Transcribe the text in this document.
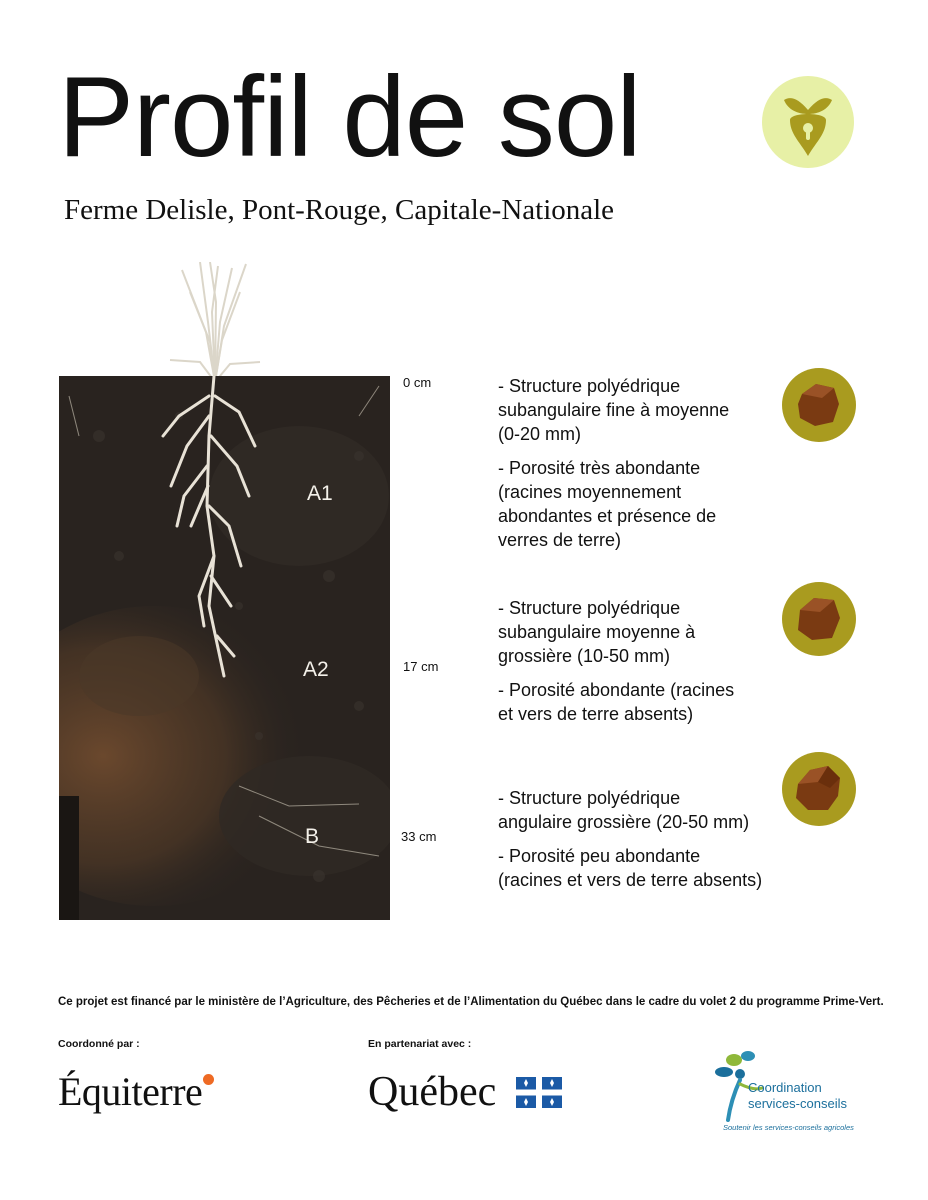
Profil de sol
Ferme Delisle, Pont-Rouge, Capitale-Nationale
A1
A2
B
0 cm
17 cm
33 cm

- Structure polyédrique
subangulaire fine à moyenne
(0-20 mm)

- Porosité très abondante
(racines moyennement
abondantes et présence de
verres de terre)

- Structure polyédrique
subangulaire moyenne à
grossière (10-50 mm)

- Porosité abondante (racines
et vers de terre absents)

- Structure polyédrique
angulaire grossière (20-50 mm)

- Porosité peu abondante
(racines et vers de terre absents)

Ce projet est financé par le ministère de l’Agriculture, des Pêcheries et de l’Alimentation du Québec dans le cadre du volet 2 du programme Prime-Vert.
Coordonné par :	En partenariat avec :
Équiterre	Québec	Coordination
services-conseils
Soutenir les services-conseils agricoles
